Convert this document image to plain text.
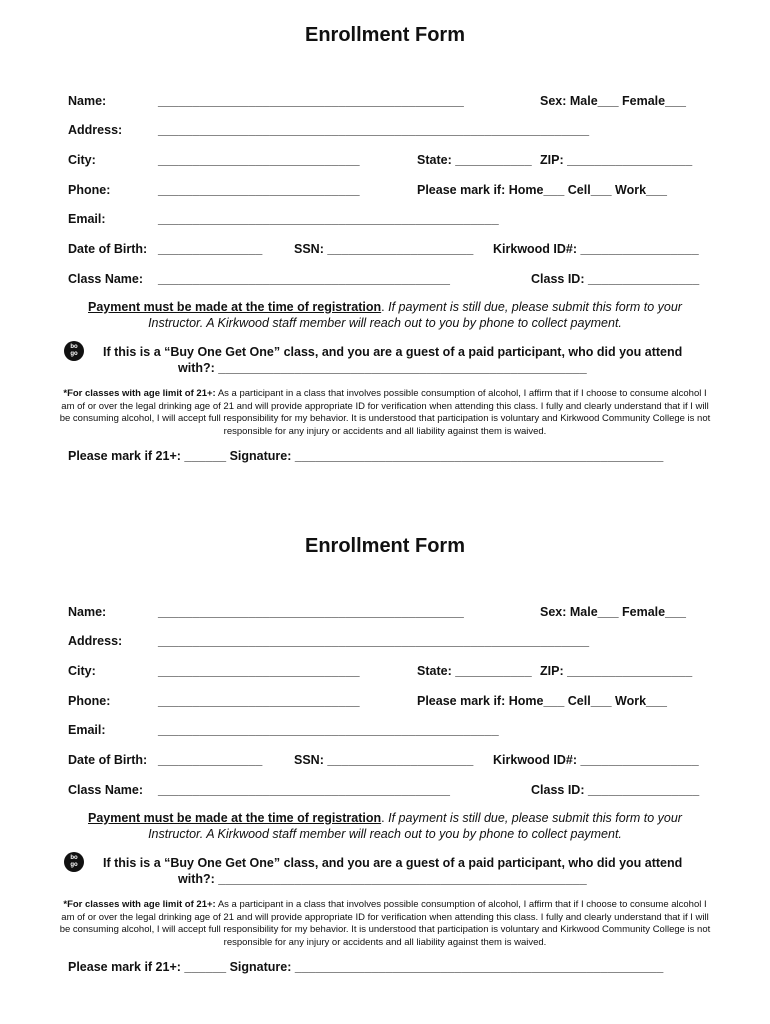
Enrollment Form
Name:	____________________________________________	Sex: Male___ Female___
Address:	______________________________________________________________
City:	_____________________________	State: ___________ ZIP: __________________
Phone:	_____________________________	Please mark if: Home___ Cell___ Work___
Email:	_________________________________________________
Date of Birth: _______________	SSN: _____________________ Kirkwood ID#: _________________
Class Name: __________________________________________	Class ID: ________________
Payment must be made at the time of registration. If payment is still due, please submit this form to your Instructor. A Kirkwood staff member will reach out to you by phone to collect payment.
bo
go If this is a “Buy One Get One” class, and you are a guest of a paid participant, who did you attend
with?: _____________________________________________________
*For classes with age limit of 21+: As a participant in a class that involves possible consumption of alcohol, I affirm that if I choose to consume alcohol I am of or over the legal drinking age of 21 and will provide appropriate ID for verification when attending this class. I fully and clearly understand that if I will be consuming alcohol, I will accept full responsibility for my behavior. It is understood that participation is voluntary and Kirkwood Community College is not responsible for any injury or accidents and all liability against them is waived.
Please mark if 21+: ______ Signature: _____________________________________________________
Enrollment Form
Name:	____________________________________________	Sex: Male___ Female___
Address:	______________________________________________________________
City:	_____________________________	State: ___________ ZIP: __________________
Phone:	_____________________________	Please mark if: Home___ Cell___ Work___
Email:	_________________________________________________
Date of Birth: _______________	SSN: _____________________ Kirkwood ID#: _________________
Class Name: __________________________________________	Class ID: ________________
Payment must be made at the time of registration. If payment is still due, please submit this form to your Instructor. A Kirkwood staff member will reach out to you by phone to collect payment.
bo
go If this is a “Buy One Get One” class, and you are a guest of a paid participant, who did you attend
with?: _____________________________________________________
*For classes with age limit of 21+: As a participant in a class that involves possible consumption of alcohol, I affirm that if I choose to consume alcohol I am of or over the legal drinking age of 21 and will provide appropriate ID for verification when attending this class. I fully and clearly understand that if I will be consuming alcohol, I will accept full responsibility for my behavior. It is understood that participation is voluntary and Kirkwood Community College is not responsible for any injury or accidents and all liability against them is waived.
Please mark if 21+: ______ Signature: _____________________________________________________
